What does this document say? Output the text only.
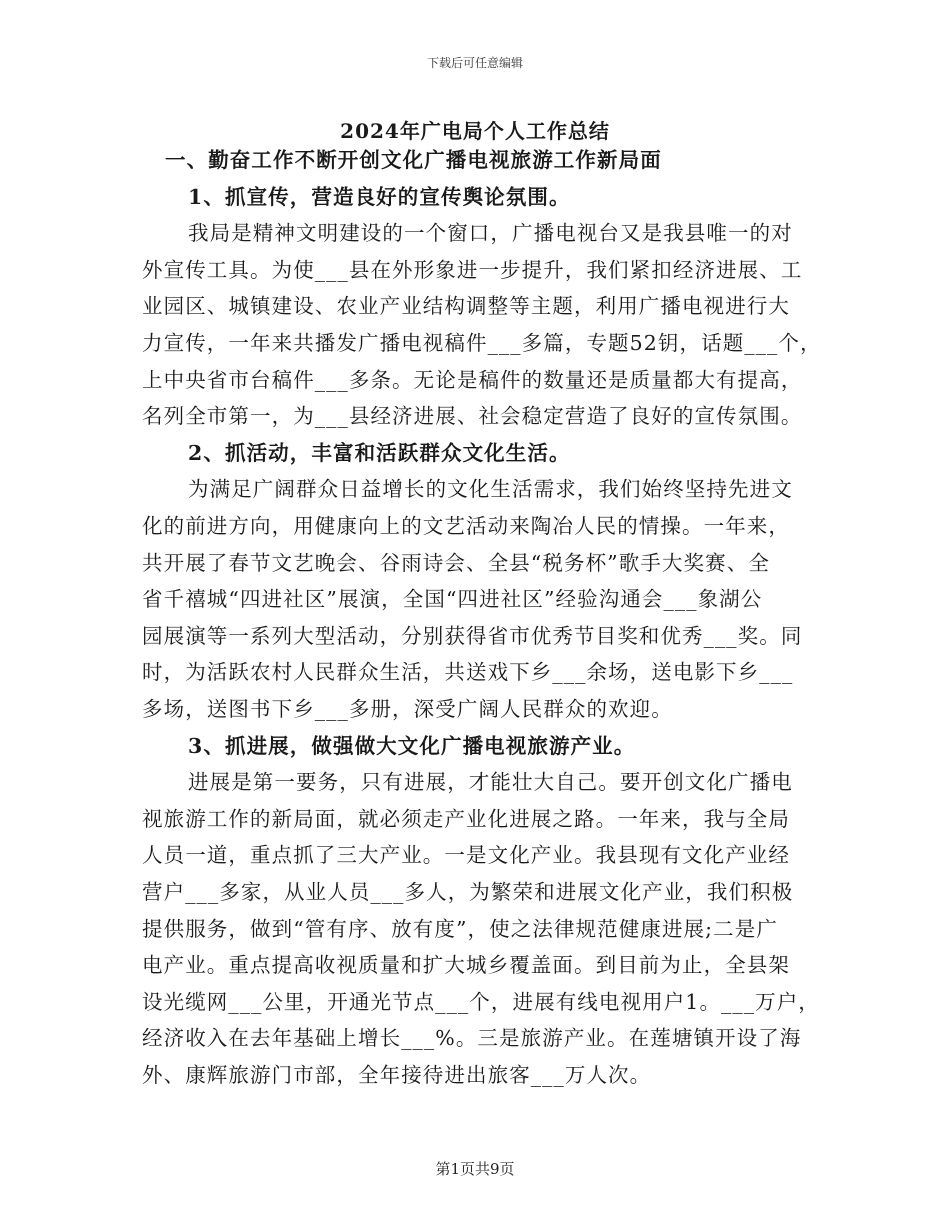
下载后可任意编辑
2024年广电局个人工作总结
一、勤奋工作不断开创文化广播电视旅游工作新局面
1、抓宣传，营造良好的宣传舆论氛围。
我局是精神文明建设的一个窗口，广播电视台又是我县唯一的对
外宣传工具。为使___县在外形象进一步提升，我们紧扣经济进展、工
业园区、城镇建设、农业产业结构调整等主题，利用广播电视进行大
力宣传，一年来共播发广播电视稿件___多篇，专题52钥，话题___个，
上中央省市台稿件___多条。无论是稿件的数量还是质量都大有提高，
名列全市第一，为___县经济进展、社会稳定营造了良好的宣传氛围。
2、抓活动，丰富和活跃群众文化生活。
为满足广阔群众日益增长的文化生活需求，我们始终坚持先进文
化的前进方向，用健康向上的文艺活动来陶冶人民的情操。一年来，
共开展了春节文艺晚会、谷雨诗会、全县“税务杯”歌手大奖赛、全
省千禧城“四进社区”展演，全国“四进社区”经验沟通会___象湖公
园展演等一系列大型活动，分别获得省市优秀节目奖和优秀___奖。同
时，为活跃农村人民群众生活，共送戏下乡___余场，送电影下乡___
多场，送图书下乡___多册，深受广阔人民群众的欢迎。
3、抓进展，做强做大文化广播电视旅游产业。
进展是第一要务，只有进展，才能壮大自己。要开创文化广播电
视旅游工作的新局面，就必须走产业化进展之路。一年来，我与全局
人员一道，重点抓了三大产业。一是文化产业。我县现有文化产业经
营户___多家，从业人员___多人，为繁荣和进展文化产业，我们积极
提供服务，做到“管有序、放有度”，使之法律规范健康进展;二是广
电产业。重点提高收视质量和扩大城乡覆盖面。到目前为止，全县架
设光缆网___公里，开通光节点___个，进展有线电视用户1。___万户，
经济收入在去年基础上增长___%。三是旅游产业。在莲塘镇开设了海
外、康辉旅游门市部，全年接待进出旅客___万人次。
第1页共9页
